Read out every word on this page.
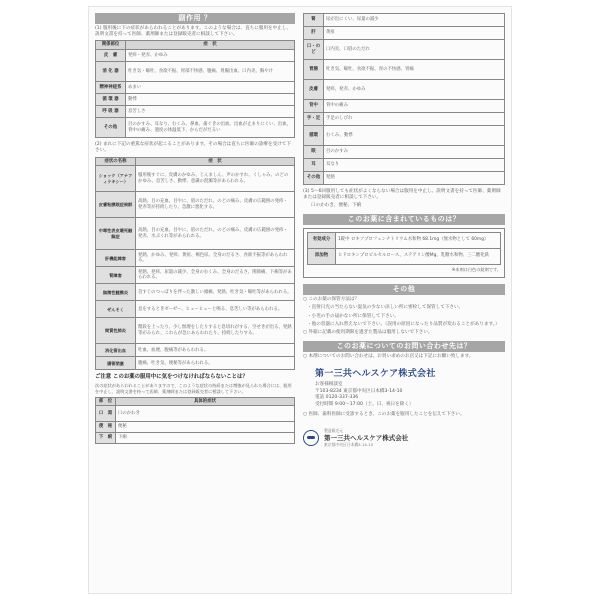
副作用 ？
(1) 服用後に下の症状があらわれることがあります。このような場合は、直ちに服用を中止し、説明文書を持って医師、薬剤師または登録販売者に相談して下さい。
関係部位	症　状
皮　膚	発疹・発赤、かゆみ
消 化 器	吐き気・嘔吐、食欲不振、胃部不快感、腹痛、胃腸出血、口内炎、胸やけ
精神神経系	めまい
循 環 器	動悸
呼 吸 器	息苦しさ
その他	目のかすみ、耳なり、むくみ、鼻血、歯ぐきの出血、出血が止まりにくい、出血、背中の痛み、過度の体温低下、からだがだるい
(2) まれに下記の重篤な症状が起こることがあります。その場合は直ちに医師の診療を受けて下さい。
症状の名称	症　状
ショック（アナフィラキシー）	服用後すぐに、皮膚のかゆみ、じんましん、声のかすれ、くしゃみ、のどのかゆみ、息苦しさ、動悸、意識の混濁等があらわれる。
皮膚粘膜眼症候群	高熱、目の充血、目やに、唇のただれ、のどの痛み、皮膚の広範囲の発疹・発赤等が持続したり、急激に悪化する。
中毒性表皮壊死融解症	高熱、目の充血、目やに、唇のただれ、のどの痛み、皮膚の広範囲の発疹・発赤、水ぶくれ等があらわれる。
肝機能障害	発熱、かゆみ、発疹、黄疸、褐色尿、全身のだるさ、食欲不振等があらわれる。
腎障害	発熱、発疹、尿量の減少、全身のむくみ、全身のだるさ、関節痛、下痢等があらわれる。
無菌性髄膜炎	首すじのつっぱりを伴った激しい頭痛、発熱、吐き気・嘔吐等があらわれる。
ぜんそく	息をするときゼーゼー、ヒューヒューと鳴る、息苦しい等があらわれる。
間質性肺炎	階段を上ったり、少し無理をしたりすると息切れがする、空せきが出る、発熱等がみられ、これらが急にあらわれたり、持続したりする。
消化管出血	吐血、血便、腹痛等があらわれる。
腸管閉塞	腹痛、吐き気、便秘等があらわれる。
ご注意 このお薬の服用中に気をつけなければならないことは？
次の症状があらわれることがありますので、このような症状の持続または増強が見られた場合には、服用を中止し、説明文書を持って医師、薬剤師または登録販売者に相談して下さい。
部　位	具体的症状
口　渇	口のかわき
便　秘	便秘
下　痢	下痢
腎	尿が出にくい、尿量の減少
肝	黄疸
口・のど	口内炎、口唇のただれ
胃腸	吐き気、嘔吐、食欲不振、胃の不快感、胃痛
皮膚	発疹、発赤、かゆみ
背中	背中の痛み
手・足	手足のしびれ
循環	むくみ、動悸
眼	目のかすみ
耳	耳なり
その他	発熱
(3) 5〜6回服用しても症状がよくならない場合は服用を中止し、説明文書を持って医師、薬剤師または登録販売者に相談して下さい。
口のかわき、便秘、下痢
このお薬に含まれているものは？
有効成分	1錠中 ロキソプロフェンナトリウム水和物 68.1mg（無水物として 60mg）
添加物	ヒドロキシプロピルセルロース、ステアリン酸Mg、乳糖水和物、三二酸化鉄
※本剤は白色の錠剤です。
その他
○ このお薬の保管方法は？
・直射日光の当たらない湿気の少ない涼しい所に密栓して保管して下さい。
・小児の手の届かない所に保管して下さい。
・他の容器に入れ替えないで下さい。（誤用の原因になったり品質が変わることがあります。）
○ 外箱に記載の使用期限を過ぎた製品は服用しないで下さい。
このお薬についてのお問い合わせ先は？
○ 本剤についてのお問い合わせは、お買い求めのお店又は下記にお願い致します。
第一三共ヘルスケア株式会社
お客様相談室
〒103-8234 東京都中央区日本橋3-14-10
電話 0120-337-336
受付時間 9:00〜17:00（土、日、祝日を除く）
○ 医師、歯科医師に受診するとき、このお薬を服用したことを伝えて下さい。
製造販売元
第一三共ヘルスケア株式会社
東京都中央区日本橋3-14-10
